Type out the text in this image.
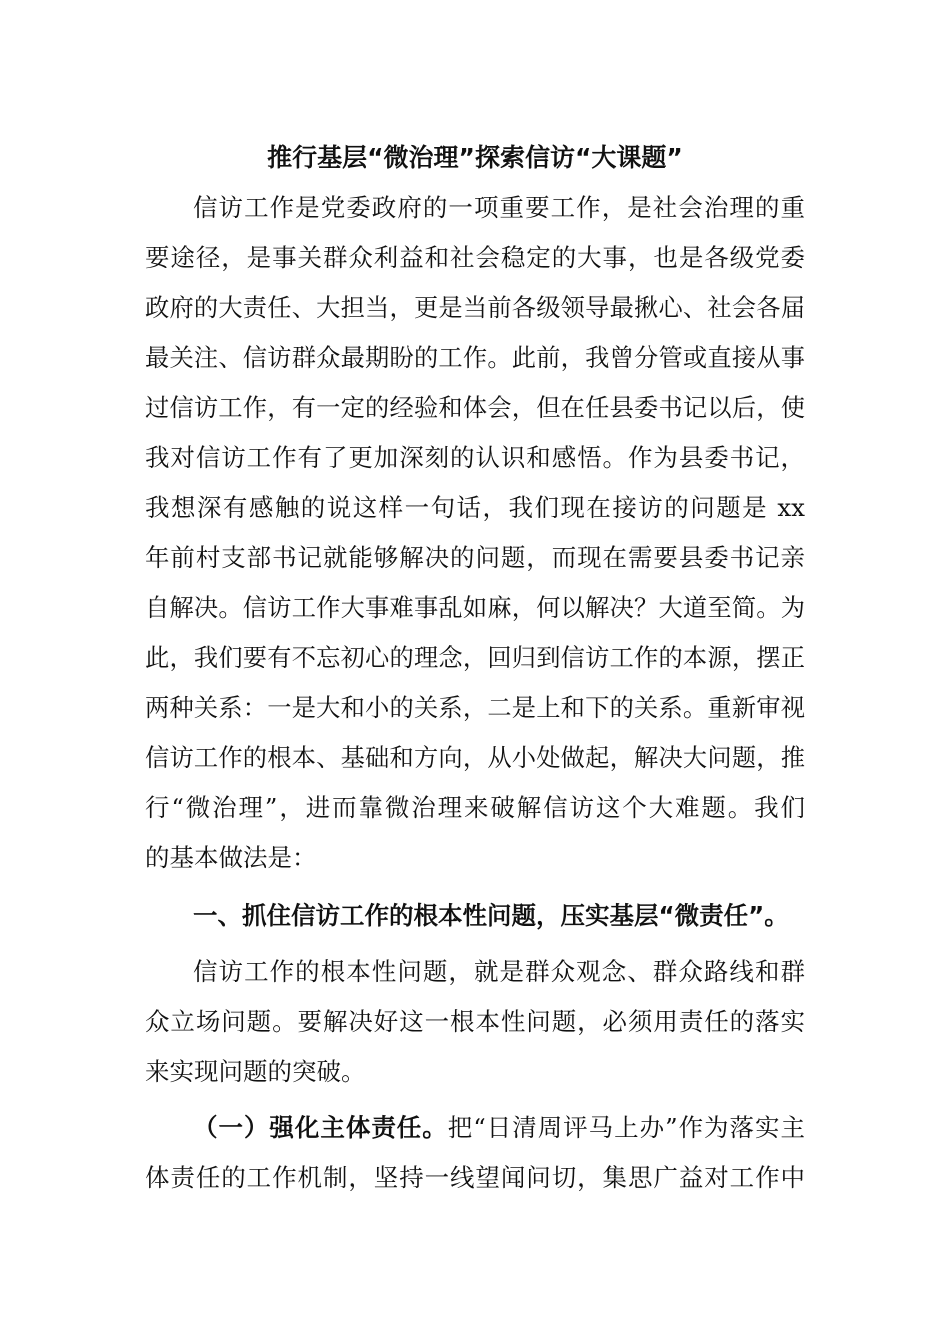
推行基层“微治理”探索信访“大课题”
信访工作是党委政府的一项重要工作，是社会治理的重
要途径，是事关群众利益和社会稳定的大事，也是各级党委
政府的大责任、大担当，更是当前各级领导最揪心、社会各届
最关注、信访群众最期盼的工作。此前，我曾分管或直接从事
过信访工作，有一定的经验和体会，但在任县委书记以后，使
我对信访工作有了更加深刻的认识和感悟。作为县委书记，
我想深有感触的说这样一句话，我们现在接访的问题是 xx
年前村支部书记就能够解决的问题，而现在需要县委书记亲
自解决。信访工作大事难事乱如麻，何以解决？大道至简。为
此，我们要有不忘初心的理念，回归到信访工作的本源，摆正
两种关系：一是大和小的关系，二是上和下的关系。重新审视
信访工作的根本、基础和方向，从小处做起，解决大问题，推
行“微治理”，进而靠微治理来破解信访这个大难题。我们
的基本做法是：
一、抓住信访工作的根本性问题，压实基层“微责任”。
信访工作的根本性问题，就是群众观念、群众路线和群
众立场问题。要解决好这一根本性问题，必须用责任的落实
来实现问题的突破。
（一）强化主体责任。把“日清周评马上办”作为落实主
体责任的工作机制，坚持一线望闻问切，集思广益对工作中
